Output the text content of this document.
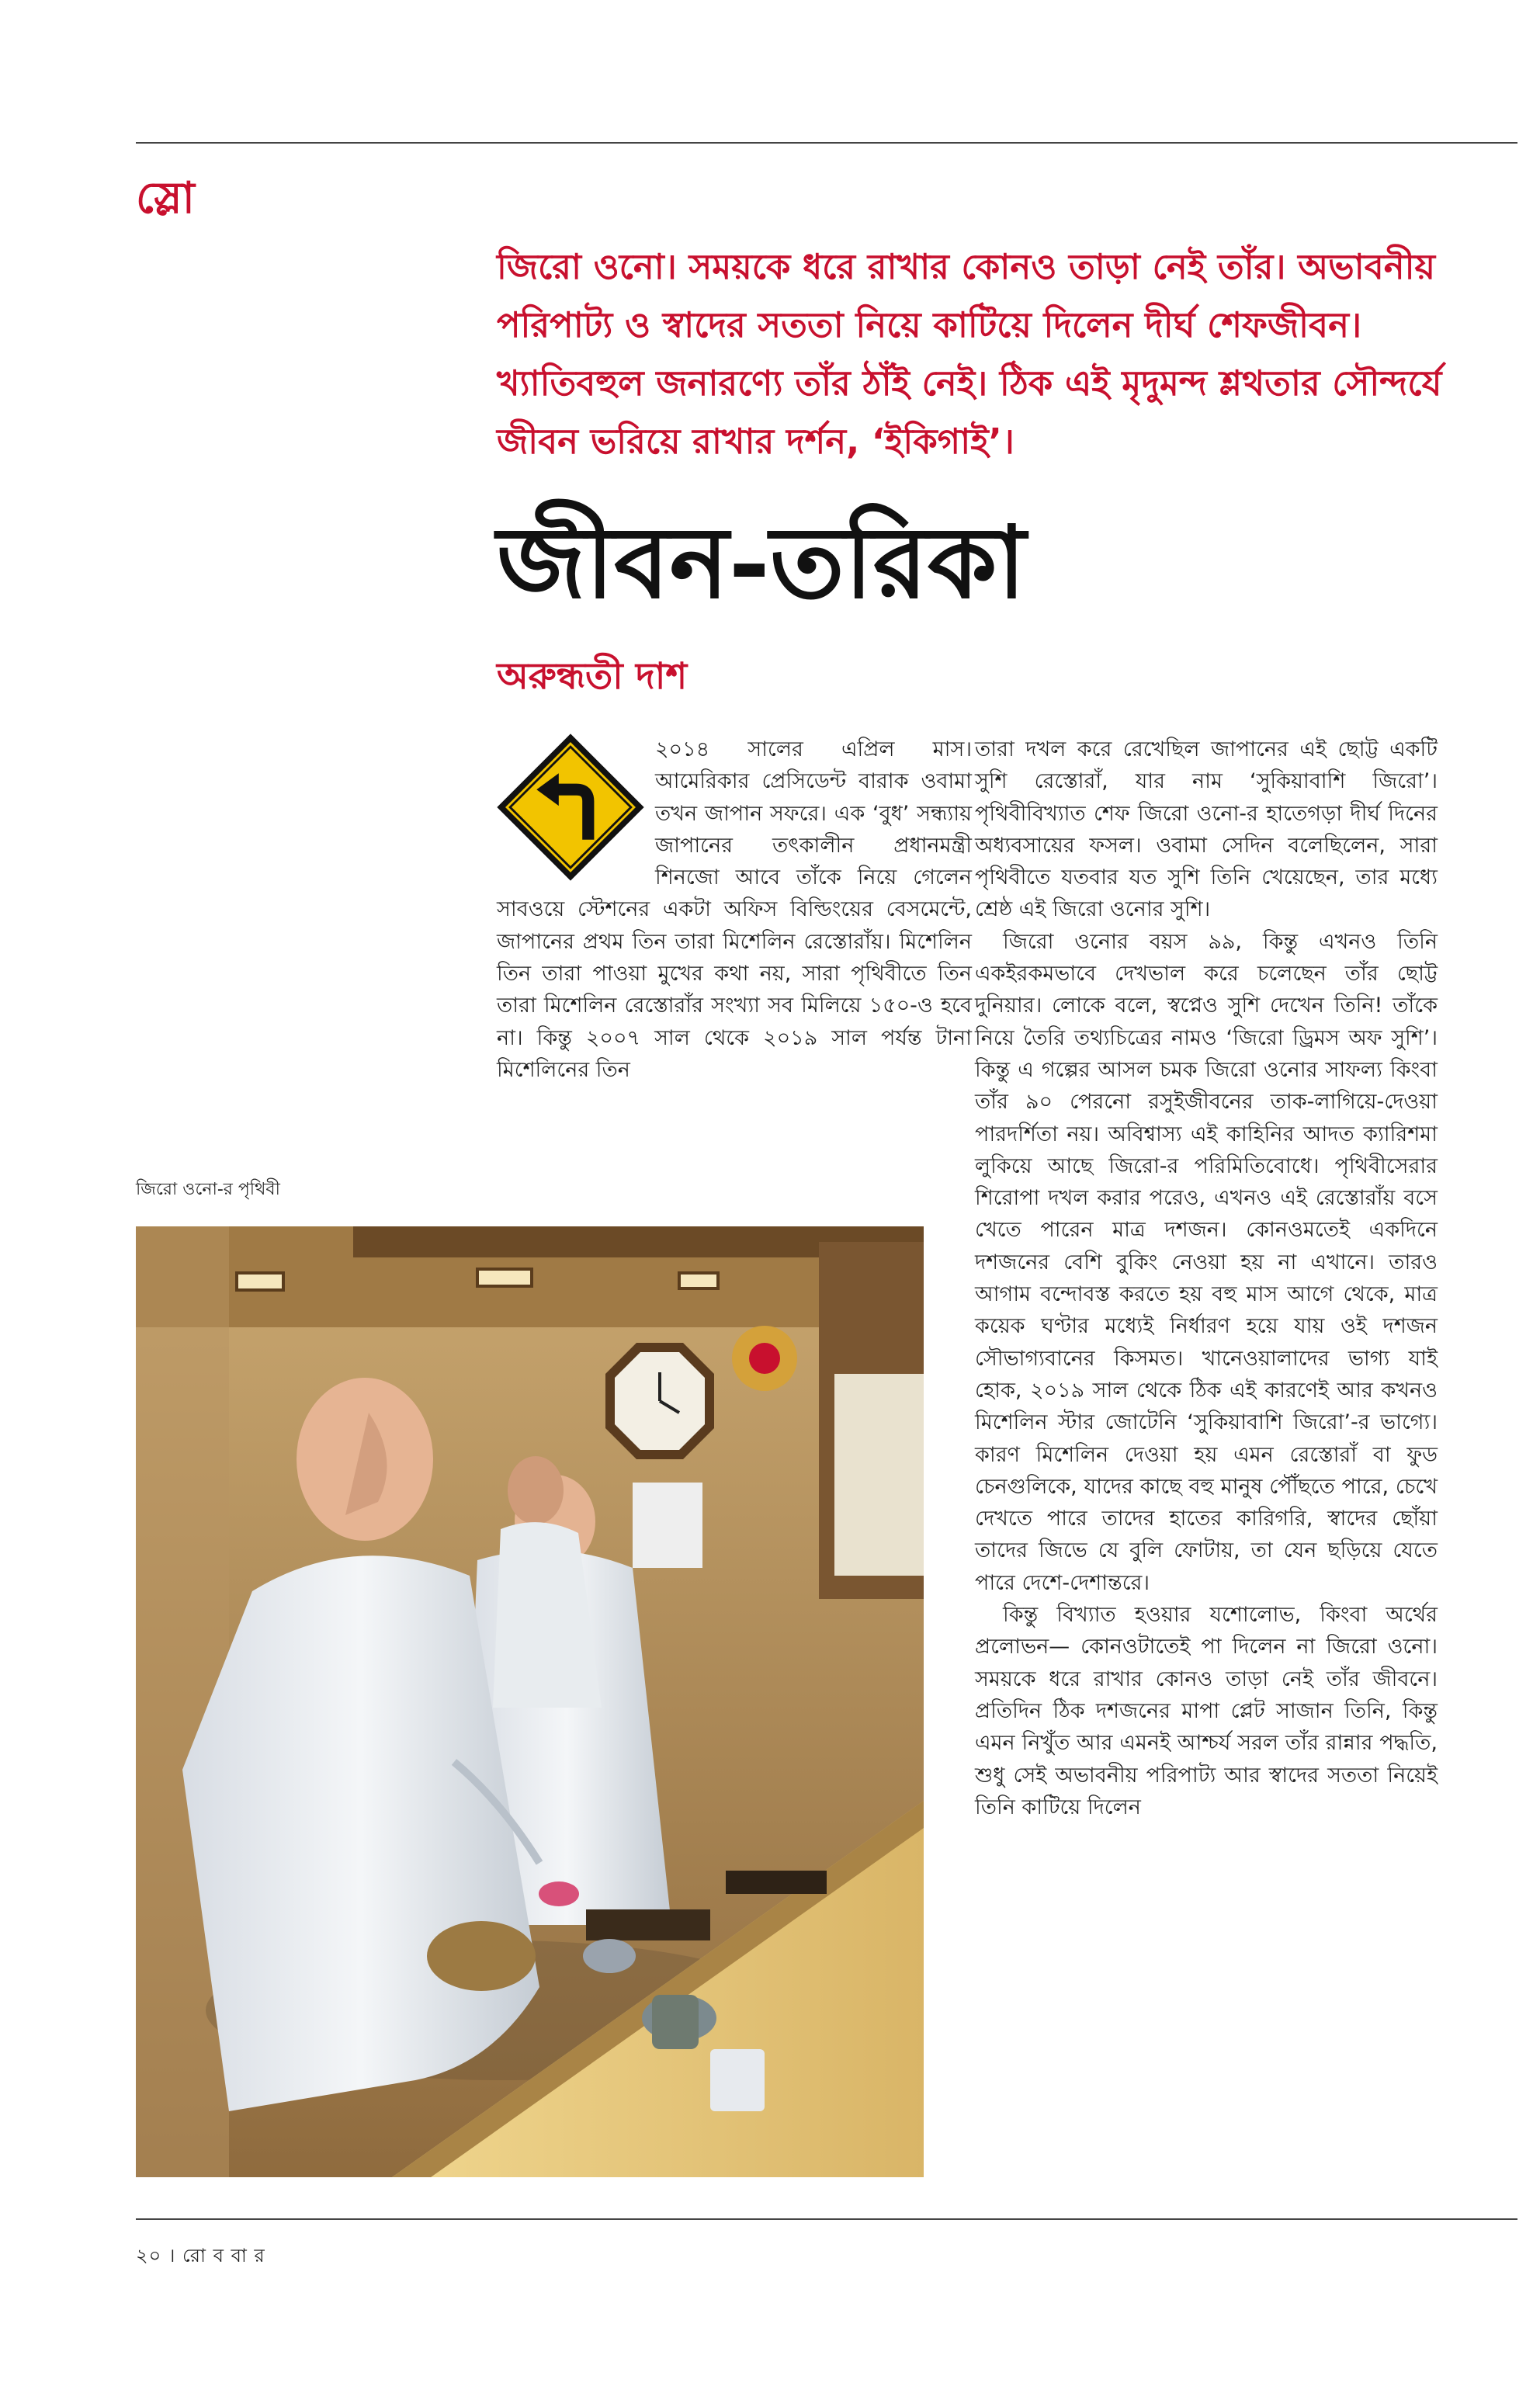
স্লো

জিরো ওনো। সময়কে ধরে রাখার কোনও তাড়া নেই তাঁর। অভাবনীয় পরিপাট্য ও স্বাদের সততা নিয়ে কাটিয়ে দিলেন দীর্ঘ শেফজীবন। খ্যাতিবহুল জনারণ্যে তাঁর ঠাঁই নেই। ঠিক এই মৃদুমন্দ শ্লথতার সৌন্দর্যে জীবন ভরিয়ে রাখার দর্শন, ‘ইকিগাই’।

জীবন-তরিকা
অরুন্ধতী দাশ

২০১৪ সালের এপ্রিল মাস। আমেরিকার প্রেসিডেন্ট বারাক ওবামা তখন জাপান সফরে। এক ‘বুধ’ সন্ধ্যায় জাপানের তৎকালীন প্রধানমন্ত্রী শিনজো আবে তাঁকে নিয়ে গেলেন সাবওয়ে স্টেশনের একটা অফিস বিল্ডিংয়ের বেসমেন্টে, জাপানের প্রথম তিন তারা মিশেলিন রেস্তোরাঁয়। মিশেলিন তিন তারা পাওয়া মুখের কথা নয়, সারা পৃথিবীতে তিন তারা মিশেলিন রেস্তোরাঁর সংখ্যা সব মিলিয়ে ১৫০-ও হবে না। কিন্তু ২০০৭ সাল থেকে ২০১৯ সাল পর্যন্ত টানা মিশেলিনের তিন

তারা দখল করে রেখেছিল জাপানের এই ছোট্ট একটি সুশি রেস্তোরাঁ, যার নাম ‘সুকিয়াবাশি জিরো’। পৃথিবীবিখ্যাত শেফ জিরো ওনো-র হাতেগড়া দীর্ঘ দিনের অধ্যবসায়ের ফসল। ওবামা সেদিন বলেছিলেন, সারা পৃথিবীতে যতবার যত সুশি তিনি খেয়েছেন, তার মধ্যে শ্রেষ্ঠ এই জিরো ওনোর সুশি।

জিরো ওনোর বয়স ৯৯, কিন্তু এখনও তিনি একইরকমভাবে দেখভাল করে চলেছেন তাঁর ছোট্ট দুনিয়ার। লোকে বলে, স্বপ্নেও সুশি দেখেন তিনি! তাঁকে নিয়ে তৈরি তথ্যচিত্রের নামও ‘জিরো ড্রিমস অফ সুশি’। কিন্তু এ গল্পের আসল চমক জিরো ওনোর সাফল্য কিংবা তাঁর ৯০ পেরনো রসুইজীবনের তাক-লাগিয়ে-দেওয়া পারদর্শিতা নয়। অবিশ্বাস্য এই কাহিনির আদত ক্যারিশমা লুকিয়ে আছে জিরো-র পরিমিতিবোধে। পৃথিবীসেরার শিরোপা দখল করার পরেও, এখনও এই রেস্তোরাঁয় বসে খেতে পারেন মাত্র দশজন। কোনওমতেই একদিনে দশজনের বেশি বুকিং নেওয়া হয় না এখানে। তারও আগাম বন্দোবস্ত করতে হয় বহু মাস আগে থেকে, মাত্র কয়েক ঘণ্টার মধ্যেই নির্ধারণ হয়ে যায় ওই দশজন সৌভাগ্যবানের কিসমত। খানেওয়ালাদের ভাগ্য যাই হোক, ২০১৯ সাল থেকে ঠিক এই কারণেই আর কখনও মিশেলিন স্টার জোটেনি ‘সুকিয়াবাশি জিরো’-র ভাগ্যে। কারণ মিশেলিন দেওয়া হয় এমন রেস্তোরাঁ বা ফুড চেনগুলিকে, যাদের কাছে বহু মানুষ পৌঁছতে পারে, চেখে দেখতে পারে তাদের হাতের কারিগরি, স্বাদের ছোঁয়া তাদের জিভে যে বুলি ফোটায়, তা যেন ছড়িয়ে যেতে পারে দেশে-দেশান্তরে।

কিন্তু বিখ্যাত হওয়ার যশোলোভ, কিংবা অর্থের প্রলোভন— কোনওটাতেই পা দিলেন না জিরো ওনো। সময়কে ধরে রাখার কোনও তাড়া নেই তাঁর জীবনে। প্রতিদিন ঠিক দশজনের মাপা প্লেট সাজান তিনি, কিন্তু এমন নিখুঁত আর এমনই আশ্চর্য সরল তাঁর রান্নার পদ্ধতি, শুধু সেই অভাবনীয় পরিপাট্য আর স্বাদের সততা নিয়েই তিনি কাটিয়ে দিলেন

জিরো ওনো-র পৃথিবী
২০ । রো ব বা র
